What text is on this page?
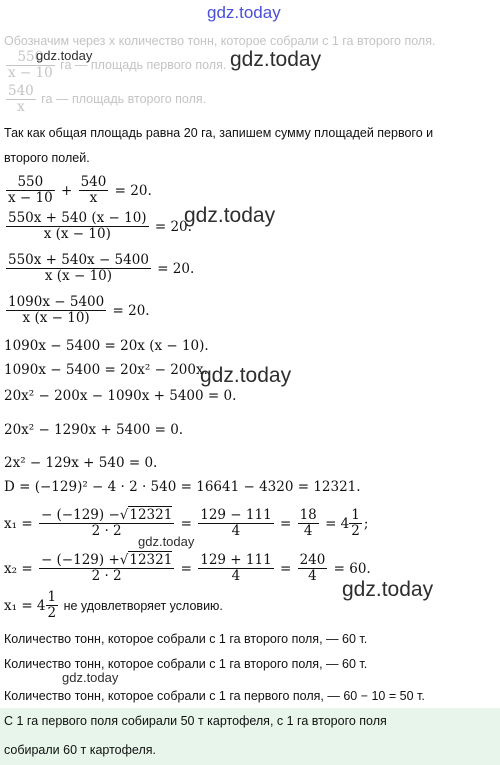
gdz.today
Обозначим через x количество тонн, которое собрали с 1 га второго поля.
$\frac{550}{x - 10}$ га — площадь первого поля.
$\frac{540}{x}$ га — площадь второго поля.
Так как общая площадь равна 20 га, запишем сумму площадей первого и
второго полей.
$\frac{550}{x - 10} + \frac{540}{x} = 20$.
$\frac{550x + 540 (x - 10)}{x (x - 10)} = 20$.
$\frac{550x + 540x - 5400}{x (x - 10)} = 20$.
$\frac{1090x - 5400}{x (x - 10)} = 20$.
1090x − 5400 = 20x (x − 10).
1090x − 5400 = 20x² − 200x.
20x² − 200x − 1090x + 5400 = 0.
20x² − 1290x + 5400 = 0.
2x² − 129x + 540 = 0.
D = (−129)² − 4 · 2 · 540 = 16641 − 4320 = 12321.
$x_1 = \frac{- (-129) -√12321}{2 \cdot 2} = \frac{129 - 111}{4} = \frac{18}{4} = 4 \frac{1}{2}$ ;
$x_2 = \frac{- (-129) +√12321}{2 \cdot 2} = \frac{129 + 111}{4} = \frac{240}{4} = 60$.
$x_1 = 4 \frac{1}{2}$ не удовлетворяет условию.
Количество тонн, которое собрали с 1 га второго поля, — 60 т.
Количество тонн, которое собрали с 1 га второго поля, — 60 т.
Количество тонн, которое собрали с 1 га первого поля, — 60 − 10 = 50 т.
С 1 га первого поля собирали 50 т картофеля, с 1 га второго поля
собирали 60 т картофеля.
gdz.today	gdz.today
gdz.today
gdz.today
gdz.today
gdz.today
gdz.today
